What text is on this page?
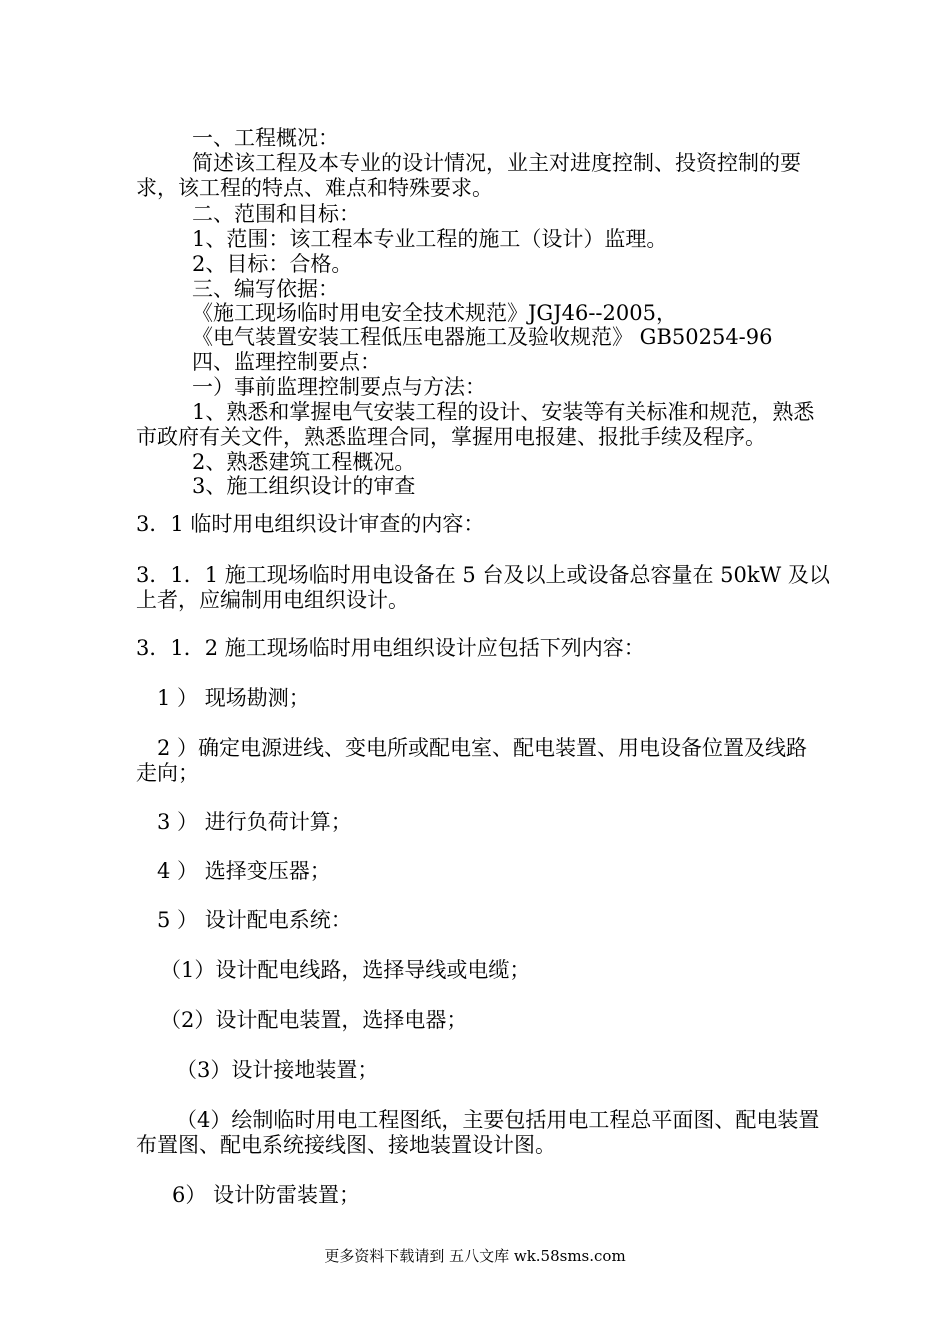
一、工程概况：
简述该工程及本专业的设计情况，业主对进度控制、投资控制的要
求，该工程的特点、难点和特殊要求。
二、范围和目标：
1、范围：该工程本专业工程的施工（设计）监理。
2、目标：合格。
三、编写依据：
《施工现场临时用电安全技术规范》JGJ46--2005，
《电气装置安装工程低压电器施工及验收规范》 GB50254-96
四、监理控制要点：
一）事前监理控制要点与方法：
1、熟悉和掌握电气安装工程的设计、安装等有关标准和规范，熟悉
市政府有关文件，熟悉监理合同，掌握用电报建、报批手续及程序。
2、熟悉建筑工程概况。
3、施工组织设计的审查
3．1 临时用电组织设计审查的内容：
3．1．1 施工现场临时用电设备在 5 台及以上或设备总容量在 50kW 及以
上者，应编制用电组织设计。
3．1．2 施工现场临时用电组织设计应包括下列内容：
1 ） 现场勘测；
2 ）确定电源进线、变电所或配电室、配电装置、用电设备位置及线路
走向；
3 ） 进行负荷计算；
4 ） 选择变压器；
5 ） 设计配电系统：
（1）设计配电线路，选择导线或电缆；
（2）设计配电装置，选择电器；
（3）设计接地装置；
（4）绘制临时用电工程图纸，主要包括用电工程总平面图、配电装置
布置图、配电系统接线图、接地装置设计图。
6） 设计防雷装置；
更多资料下载请到 五八文库 wk.58sms.com
